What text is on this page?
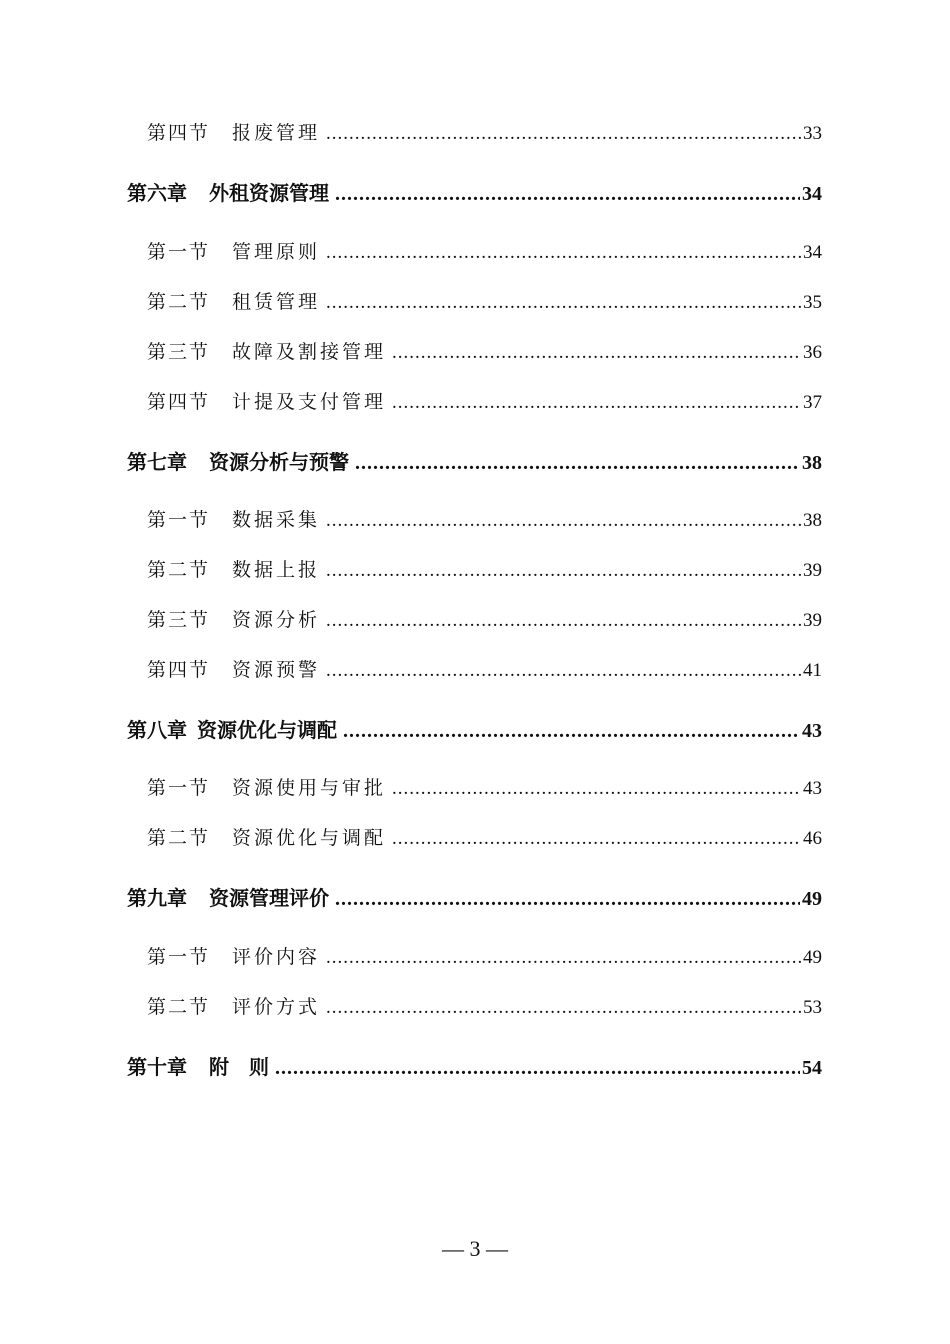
第四节 报废管理 .....	33
第六章 外租资源管理 .....	34
第一节 管理原则 .....	34
第二节 租赁管理 .....	35
第三节 故障及割接管理 .....	36
第四节 计提及支付管理 .....	37
第七章 资源分析与预警 .....	38
第一节 数据采集 .....	38
第二节 数据上报 .....	39
第三节 资源分析 .....	39
第四节 资源预警 .....	41
第八章 资源优化与调配 .....	43
第一节 资源使用与审批 .....	43
第二节 资源优化与调配 .....	46
第九章 资源管理评价 .....	49
第一节 评价内容 .....	49
第二节 评价方式 .....	53
第十章 附　则 .....	54
— 3 —
